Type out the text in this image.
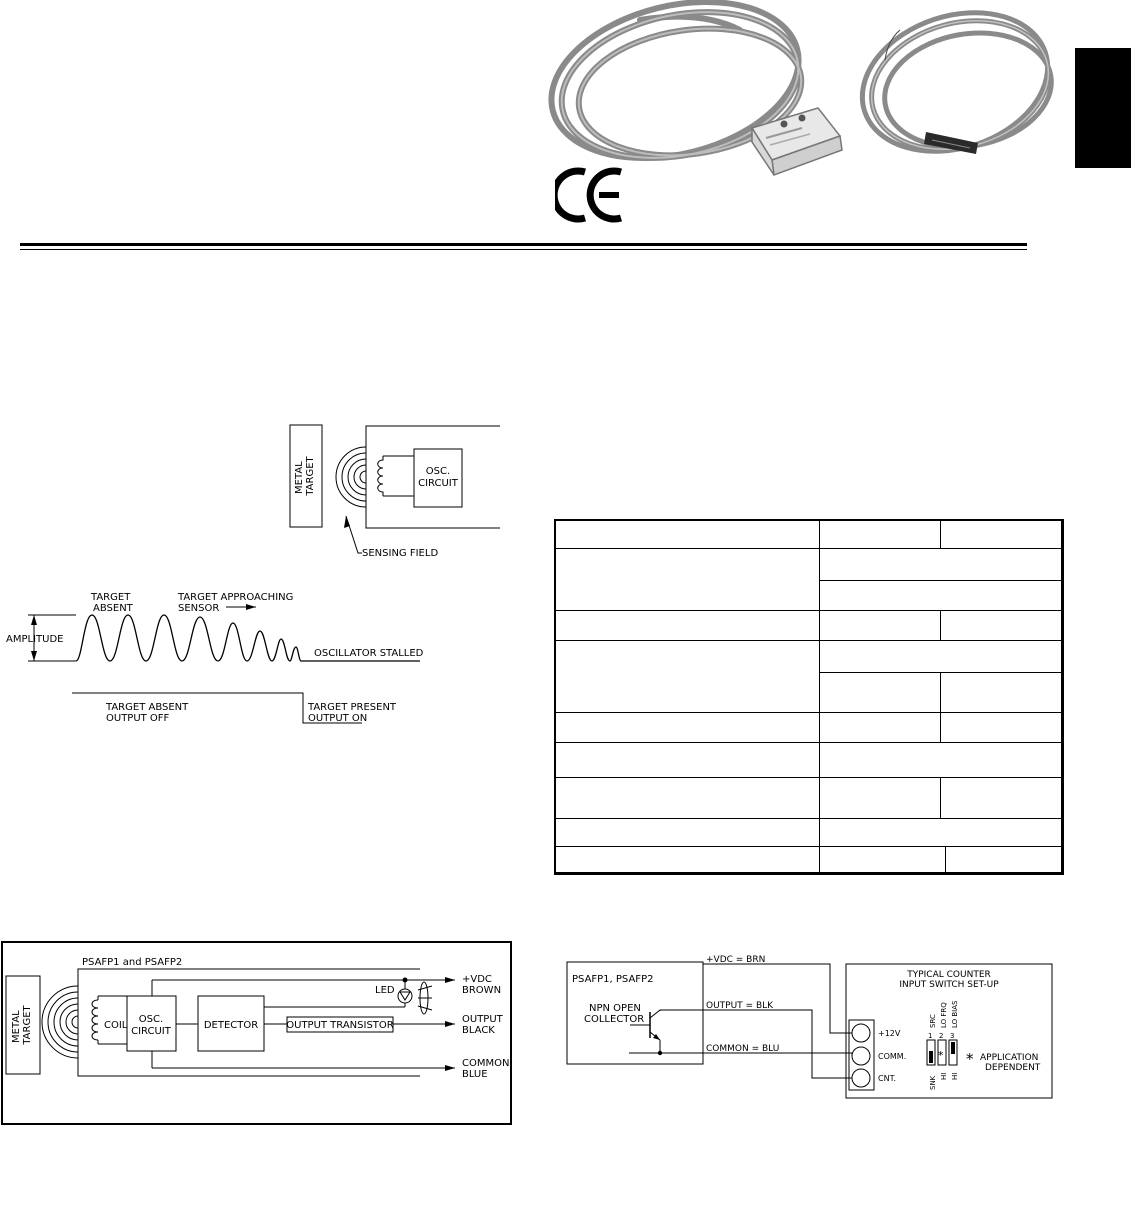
METAL TARGET	OSC.
CIRCUIT
SENSING FIELD
TARGET
ABSENT
TARGET APPROACHING
SENSOR
AMPLITUDE
OSCILLATOR STALLED
TARGET ABSENT
OUTPUT OFF
TARGET PRESENT
OUTPUT ON
PSAFP1 and PSAFP2
METAL TARGET	COIL
OSC.
CIRCUIT
DETECTOR	OUTPUT TRANSISTOR
LED
+VDC
BROWN
OUTPUT
BLACK
COMMON
BLUE
PSAFP1, PSAFP2
NPN OPEN
COLLECTOR
+VDC = BRN
OUTPUT = BLK
COMMON = BLU
TYPICAL COUNTER
INPUT SWITCH SET-UP
+12V
COMM.
CNT.
SRC LO FRQ LO BIAS
1 2 3
*
SNK HI HI
* APPLICATION
DEPENDENT
